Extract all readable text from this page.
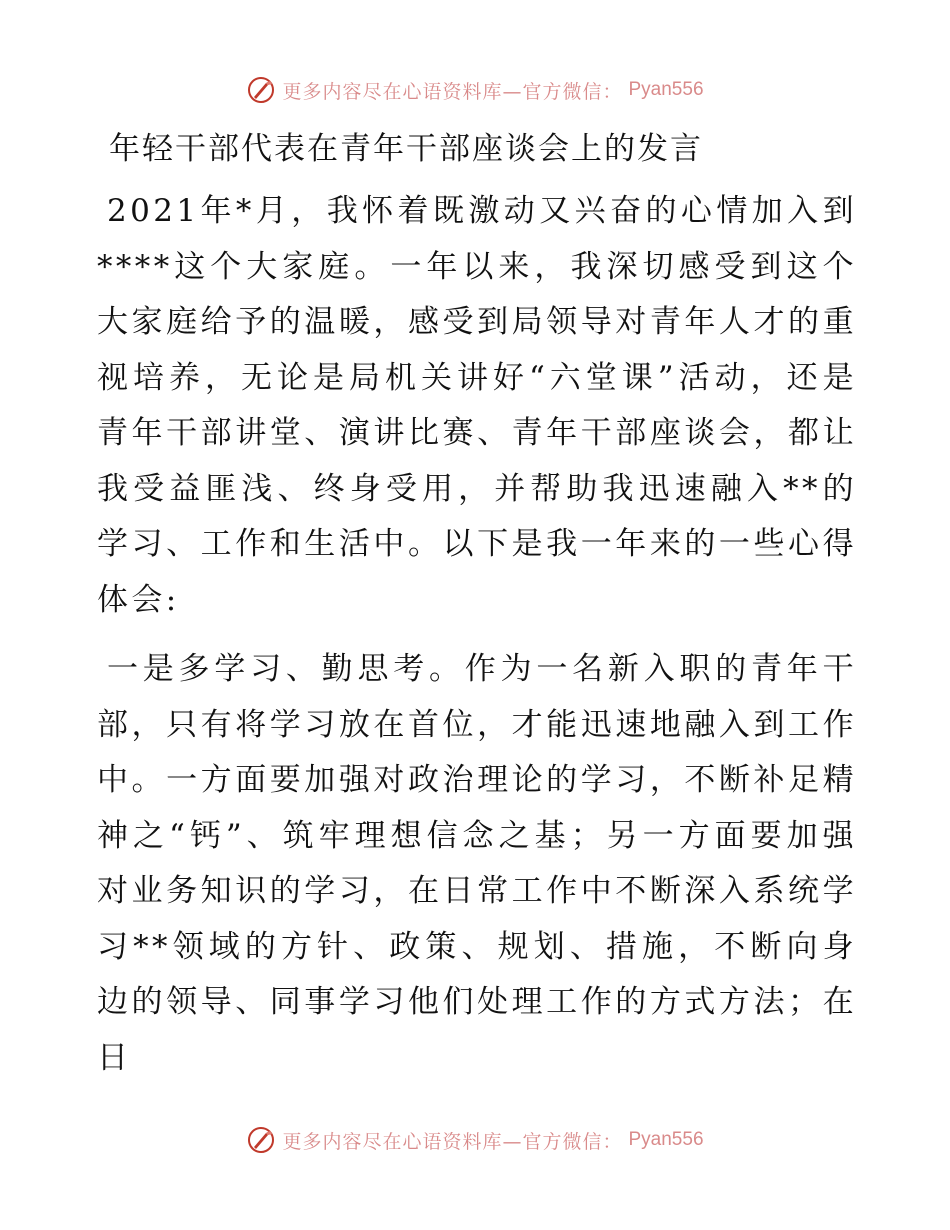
更多内容尽在心语资料库—官方微信： Pyan556
年轻干部代表在青年干部座谈会上的发言

2021年*月，我怀着既激动又兴奋的心情加入到****这个大家庭。一年以来，我深切感受到这个大家庭给予的温暖，感受到局领导对青年人才的重视培养，无论是局机关讲好“六堂课”活动，还是青年干部讲堂、演讲比赛、青年干部座谈会，都让我受益匪浅、终身受用，并帮助我迅速融入**的学习、工作和生活中。以下是我一年来的一些心得体会:

一是多学习、勤思考。作为一名新入职的青年干部，只有将学习放在首位，才能迅速地融入到工作中。一方面要加强对政治理论的学习，不断补足精神之“钙”、筑牢理想信念之基；另一方面要加强对业务知识的学习，在日常工作中不断深入系统学习**领域的方针、政策、规划、措施，不断向身边的领导、同事学习他们处理工作的方式方法；在日

更多内容尽在心语资料库—官方微信： Pyan556
